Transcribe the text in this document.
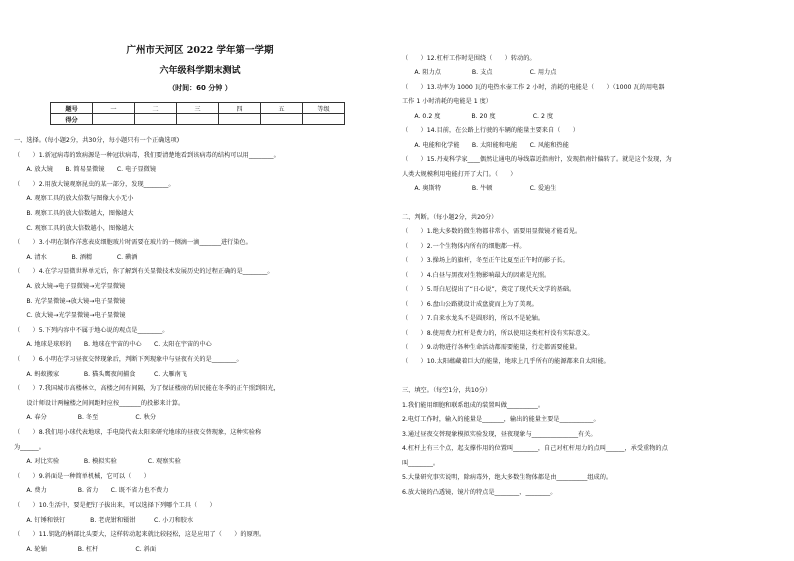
广州市天河区 2022 学年第一学期
六年级科学期末测试
（时间：60 分钟 ）
题号	一	二	三	四	五	等级
得分						
一、选择。(每小题2分，共30分，每小题只有一个正确选项)
（　　）1.新冠病毒的致病源是一种冠状病毒，我们要清楚地看到该病毒的结构可以用________。
　　A. 放大镜　　B. 简易显微镜　　C. 电子显微镜
（　　）2.用放大镜观察昆虫的某一部分，发现________。
　　A. 观察工具的放大倍数与图像大小无小
　　B. 观察工具的放大倍数越大，图像越大
　　C. 观察工具的放大倍数越小，图像越大
（　　）3.小明在制作洋葱表皮细胞玻片时需要在玻片的一侧滴一滴_______进行染色。
　　A. 清水　　　　B. 酒精　　　　C. 碘酒
（　　）4.在学习显微世界单元后，你了解到有关显微技术发展历史的过程正确的是________。
　　A. 放大镜→电子显微镜→光学显微镜
　　B. 光学显微镜→放大镜→电子显微镜
　　C. 放大镜→光学显微镜→电子显微镜
（　　）5.下列内容中不属于地心说的观点是________。
　　A. 地球是球形的　　B. 地球在宇宙的中心　　C. 太阳在宇宙的中心
（　　）6.小明在学习昼夜交替现象后，判断下列现象中与昼夜有关的是________。
　　A. 蚂蚁搬家　　　　B. 猫头鹰夜间捕食　　　C. 大雁南飞
（　　）7.我国城市高楼林立，高楼之间有间隔，为了保证楼房的居民能在冬季的正午照到阳光，
　　设计师设计两幢楼之间间距时应按_______的投影来计算。
　　A. 春分　　　　　B. 冬至　　　　　　C. 秋分
（　　）8.我们用小球代表地球，手电筒代表太阳来研究地球的昼夜交替现象，这种实验称
为______。
　　A. 对比实验　　　　B. 模拟实验　　　　　C. 观察实验
（　　）9.斜面是一种简单机械，它可以（　　）
　　A. 费力　　　　　B. 省力　　C. 既不省力也不费力
（　　）10.生活中，要是把钉子拔出来，可以选择下列哪个工具（　　）
　　A. 钉锤和铁钉　　　　B. 老虎钳和镊钳　　　C. 小刀和胶水
（　　）11.钥匙的柄部比头要大，这样转动起来就比较轻松，这是应用了（　　）的原理。
　　A. 轮轴　　　　　B. 杠杆　　　　　　C. 斜面
（　　）12.杠杆工作时是围绕（　　）转动的。
　　A. 阻力点　　　　　B. 支点　　　　　　C. 用力点
（　　）13.功率为 1000 瓦的电热水壶工作 2 小时，消耗的电能是（　　）（1000 瓦的用电器
工作 1 小时消耗的电能是 1 度）
　　A. 0.2 度　　　　　B. 20 度　　　　　　C. 2 度
（　　）14.目前，在公路上行驶的车辆的能量主要来自（　　）
　　A. 电能和化学能　　B. 太阳能和电能　　C. 风能和热能
（　　）15.丹麦科学家____偶然让通电的导线靠近指南针，发现指南针偏转了。就是这个发现，为
人类大规模利用电能打开了大门。（　　）
　　A. 奥斯特　　　　　B. 牛顿　　　　　　C. 爱迪生
二、判断。（每小题2分，共20分）
（　　）1.绝大多数的微生物都非常小，需要用显微镜才能看见。
（　　）2.一个生物体内所有的细胞都一样。
（　　）3.操场上的旗杆，冬至正午比夏至正午时的影子长。
（　　）4.白昼与黑夜对生物影响最大的因素是光照。
（　　）5.哥白尼提出了“日心说”，奠定了现代天文学的基础。
（　　）6.盘山公路就设计成盘旋而上为了美观。
（　　）7.自来水龙头不是圆形的，所以不是轮轴。
（　　）8.使用费力杠杆是费力的，所以使用这类杠杆没有实际意义。
（　　）9.动物进行各种生命活动都需要能量，行走都需要能量。
（　　）10.太阳蕴藏着巨大的能量，地球上几乎所有的能源都来自太阳能。
三、填空。（每空1分，共10分）
1.我们能用细胞和联系组成的装置叫做__________。
2.电灯工作时，输入的能量是_______，输出的能量主要是___________。
3.通过昼夜交替现象模拟实验发现，昼夜现象与_______________有关。
4.杠杆上有三个点，起支撑作用的位置叫________，自己对杠杆用力的点叫______，承受重物的点
叫________。
5.大量研究事实说明，除病毒外，绝大多数生物体都是由__________组成的。
6.放大镜的凸透镜，镜片的特点是________、________。
